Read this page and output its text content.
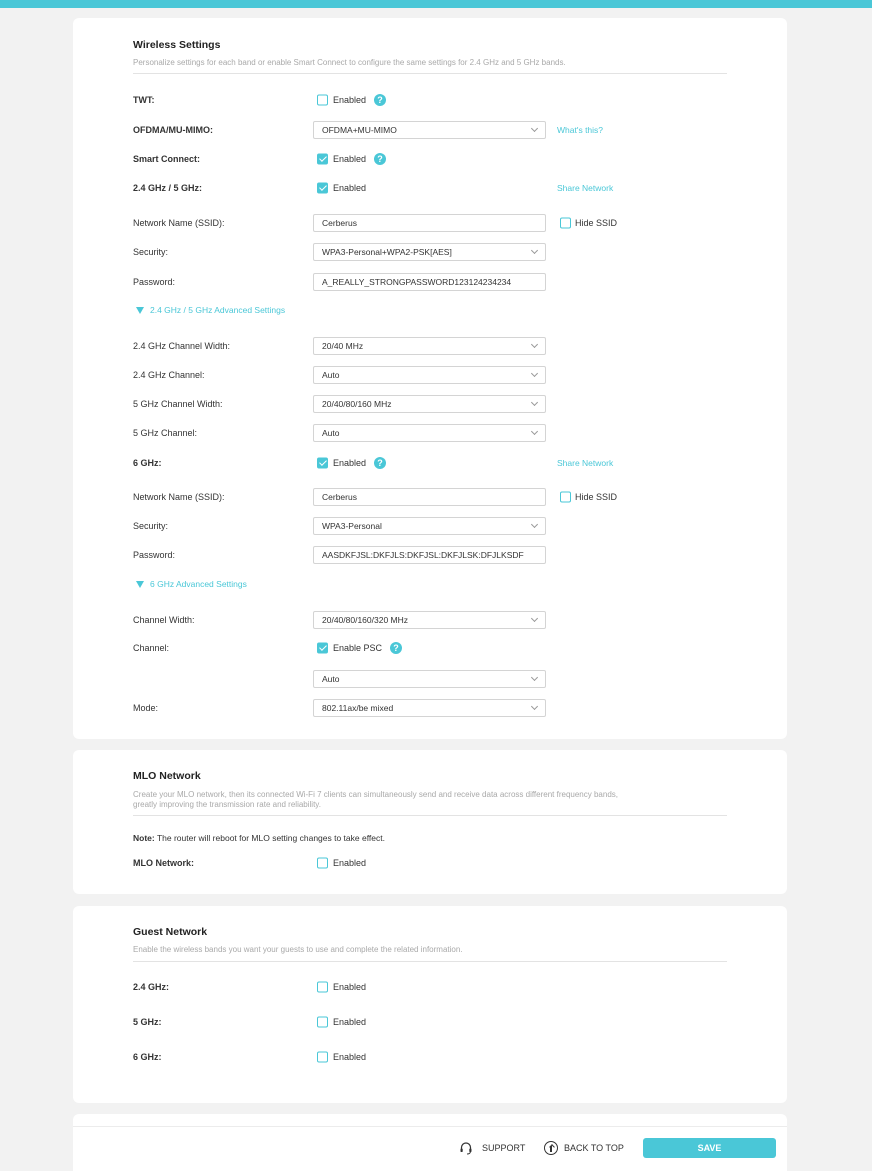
Wireless Settings
Personalize settings for each band or enable Smart Connect to configure the same settings for 2.4 GHz and 5 GHz bands.
TWT:	Enabled	?
OFDMA/MU-MIMO:	OFDMA+MU-MIMO	What's this?
Smart Connect:	Enabled	?
2.4 GHz / 5 GHz:	Enabled	Share Network
Network Name (SSID):	Cerberus	Hide SSID
Security:	WPA3-Personal+WPA2-PSK[AES]
Password:	A_REALLY_STRONGPASSWORD123124234234
2.4 GHz / 5 GHz Advanced Settings
2.4 GHz Channel Width:	20/40 MHz
2.4 GHz Channel:	Auto
5 GHz Channel Width:	20/40/80/160 MHz
5 GHz Channel:	Auto
6 GHz:	Enabled	?	Share Network
Network Name (SSID):	Cerberus	Hide SSID
Security:	WPA3-Personal
Password:	AASDKFJSL:DKFJLS:DKFJSL:DKFJLSK:DFJLKSDF
6 GHz Advanced Settings
Channel Width:	20/40/80/160/320 MHz
Channel:	Enable PSC	?
Auto
Mode:	802.11ax/be mixed
MLO Network
Create your MLO network, then its connected Wi-Fi 7 clients can simultaneously send and receive data across different frequency bands,
greatly improving the transmission rate and reliability.
Note: The router will reboot for MLO setting changes to take effect.
MLO Network:	Enabled
Guest Network
Enable the wireless bands you want your guests to use and complete the related information.
2.4 GHz:	Enabled
5 GHz:	Enabled
6 GHz:	Enabled
SUPPORT	BACK TO TOP	SAVE
